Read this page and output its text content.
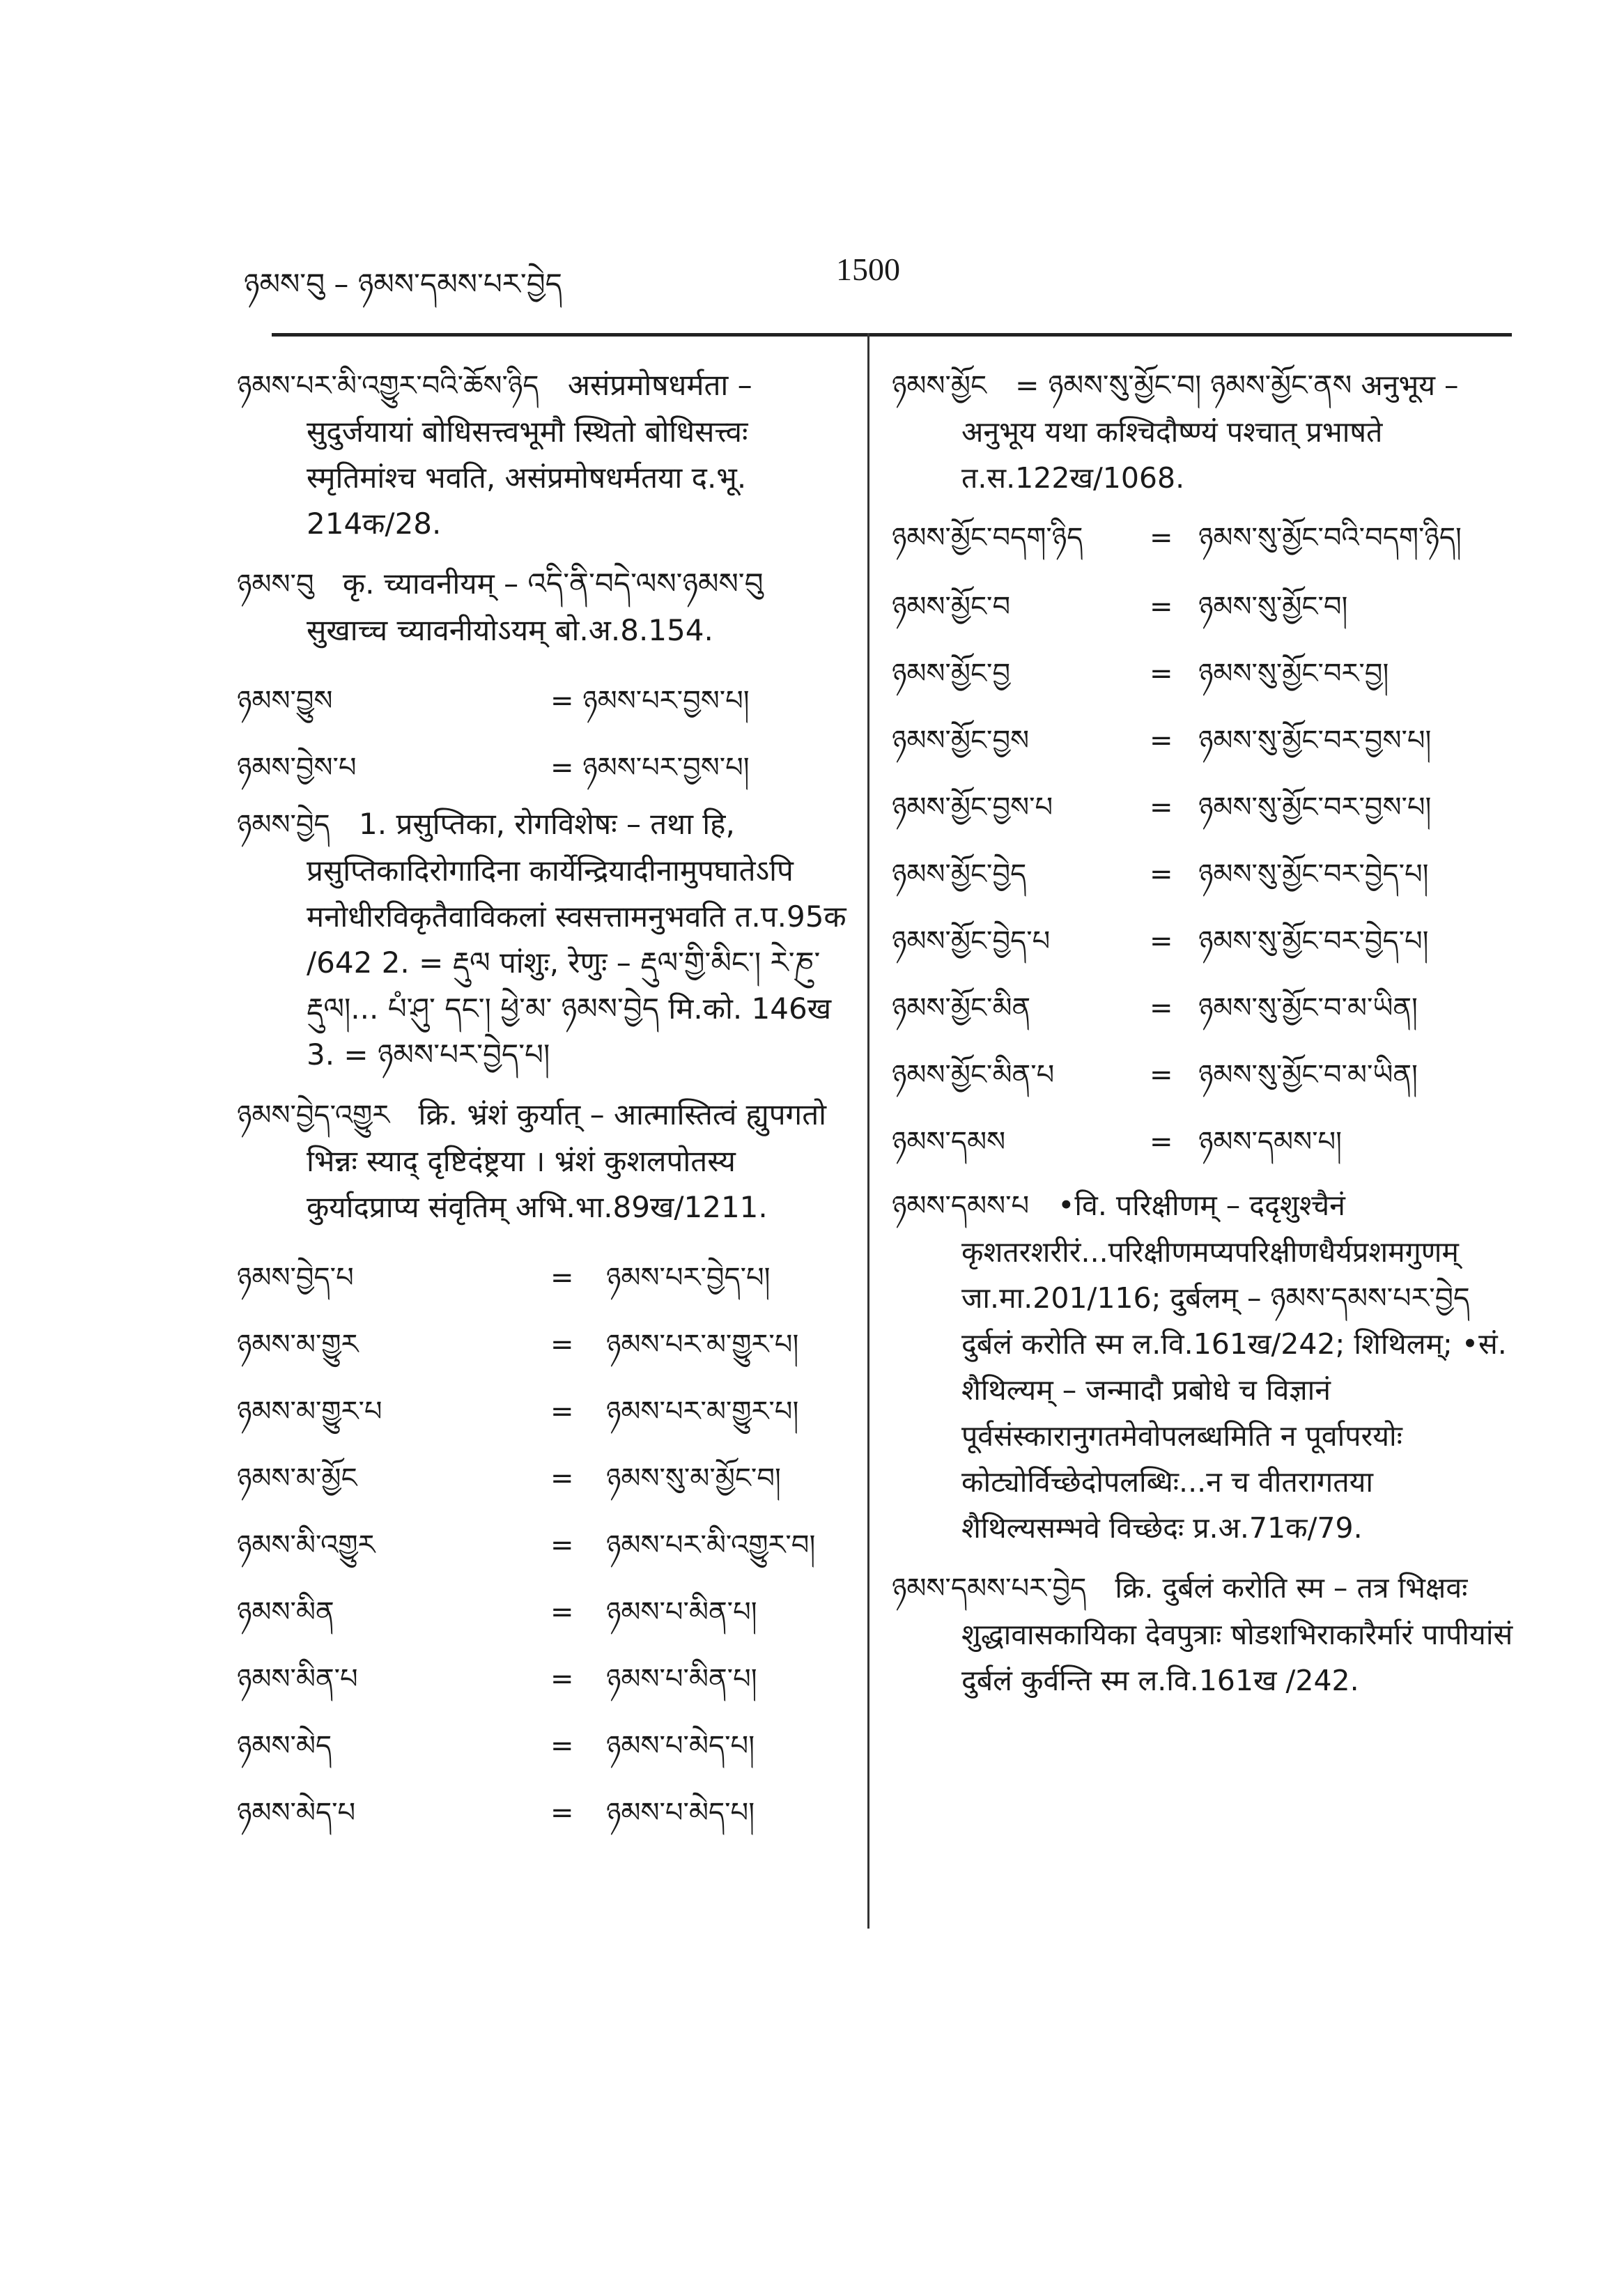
ཉམས་བུ – ཉམས་དམས་པར་བྱེད	1500
ཉམས་པར་མི་འགྱུར་བའི་ཆོས་ཉིད असंप्रमोषधर्मता – सुदुर्जयायां बोधिसत्त्वभूमौ स्थितो बोधिसत्त्वः स्मृतिमांश्च भवति, असंप्रमोषधर्मतया द.भू. 214क/28.
ཉམས་བུ कृ. च्यावनीयम् – འདི་ནི་བདེ་ལས་ཉམས་བུ सुखाच्च च्यावनीयोऽयम् बो.अ.8.154.
ཉམས་བྱུས	= ཉམས་པར་བྱས་པ།
ཉམས་བྱེས་པ	= ཉམས་པར་བྱས་པ།
ཉམས་བྱེད 1. प्रसुप्तिका, रोगविशेषः – तथा हि, प्रसुप्तिकादिरोगादिना कार्येन्द्रियादीनामुपघातेऽपि मनोधीरविकृतैवाविकलां स्वसत्तामनुभवति त.प.95क /642 2. = རྡུལ पांशुः, रेणुः – རྡུལ་གྱི་མིང་། རེ་ཎུ་ རྡུལ།... པཾ་ཤུ་ དང་། ཕྱེ་མ་ ཉམས་བྱེད मि.को. 146ख 3. = ཉམས་པར་བྱེད་པ།
ཉམས་བྱེད་འགྱུར क्रि. भ्रंशं कुर्यात् – आत्मास्तित्वं ह्युपगतो भिन्नः स्याद् दृष्टिदंष्ट्रया । भ्रंशं कुशलपोतस्य कुर्यादप्राप्य संवृतिम् अभि.भा.89ख/1211.
ཉམས་བྱེད་པ	=	ཉམས་པར་བྱེད་པ།
ཉམས་མ་གྱུར	=	ཉམས་པར་མ་གྱུར་པ།
ཉམས་མ་གྱུར་པ	=	ཉམས་པར་མ་གྱུར་པ།
ཉམས་མ་མྱོང	=	ཉམས་སུ་མ་མྱོང་བ།
ཉམས་མི་འགྱུར	=	ཉམས་པར་མི་འགྱུར་བ།
ཉམས་མིན	=	ཉམས་པ་མིན་པ།
ཉམས་མིན་པ	=	ཉམས་པ་མིན་པ།
ཉམས་མེད	=	ཉམས་པ་མེད་པ།
ཉམས་མེད་པ	=	ཉམས་པ་མེད་པ།
ཉམས་མྱོང = ཉམས་སུ་མྱོང་བ། ཉམས་མྱོང་ནས अनुभूय – अनुभूय यथा कश्चिदौष्ण्यं पश्चात् प्रभाषते त.स.122ख/1068.
ཉམས་མྱོང་བདག་ཉིད	= ཉམས་སུ་མྱོང་བའི་བདག་ཉིད།
ཉམས་མྱོང་བ	= ཉམས་སུ་མྱོང་བ།
ཉམས་མྱོང་བྱ	= ཉམས་སུ་མྱོང་བར་བྱ།
ཉམས་མྱོང་བྱས	= ཉམས་སུ་མྱོང་བར་བྱས་པ།
ཉམས་མྱོང་བྱས་པ	= ཉམས་སུ་མྱོང་བར་བྱས་པ།
ཉམས་མྱོང་བྱེད	= ཉམས་སུ་མྱོང་བར་བྱེད་པ།
ཉམས་མྱོང་བྱེད་པ	= ཉམས་སུ་མྱོང་བར་བྱེད་པ།
ཉམས་མྱོང་མིན	= ཉམས་སུ་མྱོང་བ་མ་ཡིན།
ཉམས་མྱོང་མིན་པ	= ཉམས་སུ་མྱོང་བ་མ་ཡིན།
ཉམས་དམས	= ཉམས་དམས་པ།
ཉམས་དམས་པ •वि. परिक्षीणम् – ददृशुश्चैनं कृशतरशरीरं...परिक्षीणमप्यपरिक्षीणधैर्यप्रशमगुणम् जा.मा.201/116; दुर्बलम् – ཉམས་དམས་པར་བྱེད दुर्बलं करोति स्म ल.वि.161ख/242; शिथिलम्; •सं. शैथिल्यम् – जन्मादौ प्रबोधे च विज्ञानं पूर्वसंस्कारानुगतमेवोपलब्धमिति न पूर्वापरयोः कोट्योर्विच्छेदोपलब्धिः...न च वीतरागतया शैथिल्यसम्भवे विच्छेदः प्र.अ.71क/79.
ཉམས་དམས་པར་བྱེད क्रि. दुर्बलं करोति स्म – तत्र भिक्षवः शुद्धावासकायिका देवपुत्राः षोडशभिराकारैर्मारं पापीयांसं दुर्बलं कुर्वन्ति स्म ल.वि.161ख /242.
